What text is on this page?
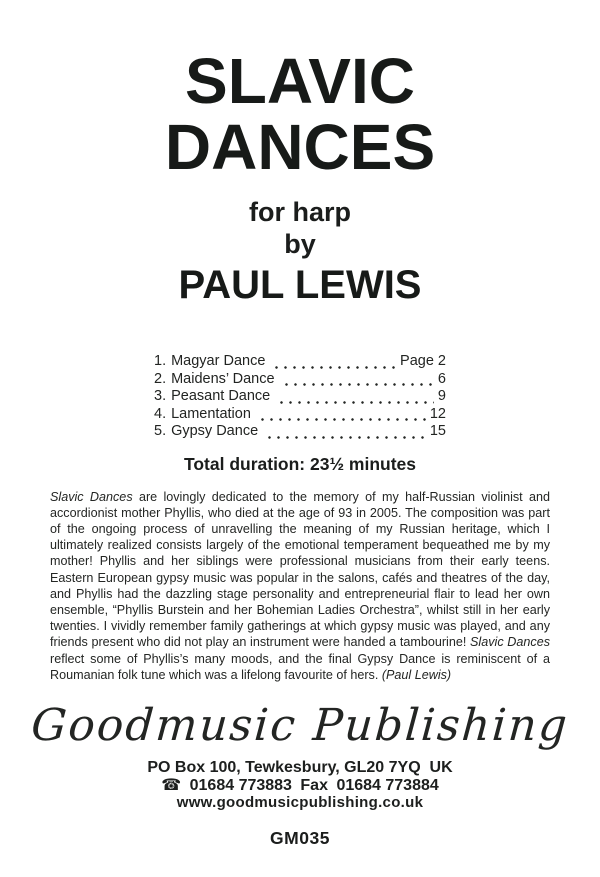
SLAVIC
DANCES
for harp
by
PAUL LEWIS
1. Magyar Dance	Page 2
2. Maidens’ Dance	6
3. Peasant Dance	9
4. Lamentation	12
5. Gypsy Dance	15
Total duration: 23½ minutes

Slavic Dances are lovingly dedicated to the memory of my half-Russian violinist and accordionist mother Phyllis, who died at the age of 93 in 2005. The composition was part of the ongoing process of unravelling the meaning of my Russian heritage, which I ultimately realized consists largely of the emotional temperament bequeathed me by my mother! Phyllis and her siblings were professional musicians from their early teens. Eastern European gypsy music was popular in the salons, cafés and theatres of the day, and Phyllis had the dazzling stage personality and entrepreneurial flair to lead her own ensemble, “Phyllis Burstein and her Bohemian Ladies Orchestra”, whilst still in her early twenties. I vividly remember family gatherings at which gypsy music was played, and any friends present who did not play an instrument were handed a tambourine! Slavic Dances reflect some of Phyllis’s many moods, and the final Gypsy Dance is reminiscent of a Roumanian folk tune which was a lifelong favourite of hers. (Paul Lewis)

Goodmusic Publishing
PO Box 100, Tewkesbury, GL20 7YQ  UK
☎ 01684 773883 Fax 01684 773884
www.goodmusicpublishing.co.uk
GM035
